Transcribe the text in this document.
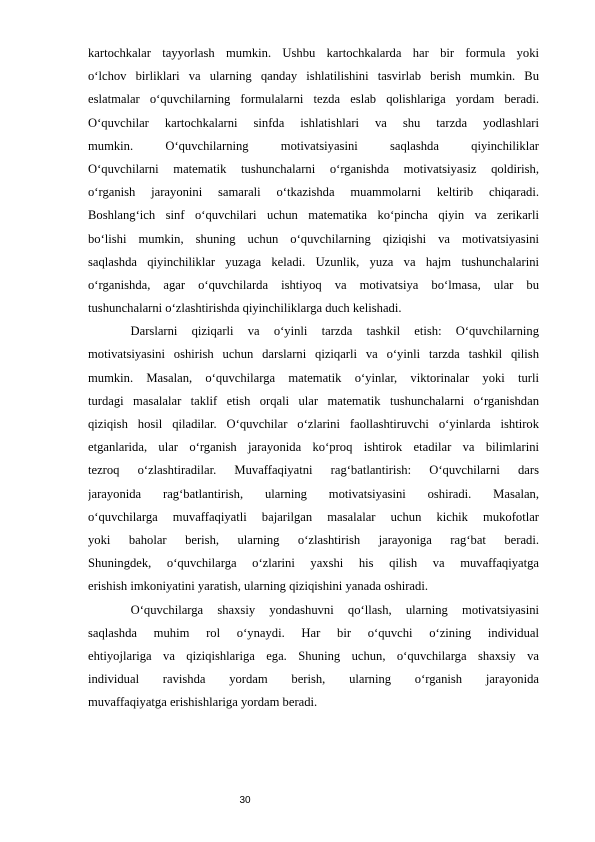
kartochkalar tayyorlash mumkin. Ushbu kartochkalarda har bir formula yoki
o‘lchov birliklari va ularning qanday ishlatilishini tasvirlab berish mumkin. Bu
eslatmalar o‘quvchilarning formulalarni tezda eslab qolishlariga yordam beradi.
O‘quvchilar kartochkalarni sinfda ishlatishlari va shu tarzda yodlashlari
mumkin. O‘quvchilarning motivatsiyasini saqlashda qiyinchiliklar
O‘quvchilarni matematik tushunchalarni o‘rganishda motivatsiyasiz qoldirish,
o‘rganish jarayonini samarali o‘tkazishda muammolarni keltirib chiqaradi.
Boshlang‘ich sinf o‘quvchilari uchun matematika ko‘pincha qiyin va zerikarli
bo‘lishi mumkin, shuning uchun o‘quvchilarning qiziqishi va motivatsiyasini
saqlashda qiyinchiliklar yuzaga keladi. Uzunlik, yuza va hajm tushunchalarini
o‘rganishda, agar o‘quvchilarda ishtiyoq va motivatsiya bo‘lmasa, ular bu
tushunchalarni o‘zlashtirishda qiyinchiliklarga duch kelishadi.
Darslarni qiziqarli va o‘yinli tarzda tashkil etish: O‘quvchilarning
motivatsiyasini oshirish uchun darslarni qiziqarli va o‘yinli tarzda tashkil qilish
mumkin. Masalan, o‘quvchilarga matematik o‘yinlar, viktorinalar yoki turli
turdagi masalalar taklif etish orqali ular matematik tushunchalarni o‘rganishdan
qiziqish hosil qiladilar. O‘quvchilar o‘zlarini faollashtiruvchi o‘yinlarda ishtirok
etganlarida, ular o‘rganish jarayonida ko‘proq ishtirok etadilar va bilimlarini
tezroq o‘zlashtiradilar. Muvaffaqiyatni rag‘batlantirish: O‘quvchilarni dars
jarayonida rag‘batlantirish, ularning motivatsiyasini oshiradi. Masalan,
o‘quvchilarga muvaffaqiyatli bajarilgan masalalar uchun kichik mukofotlar
yoki baholar berish, ularning o‘zlashtirish jarayoniga rag‘bat beradi.
Shuningdek, o‘quvchilarga o‘zlarini yaxshi his qilish va muvaffaqiyatga
erishish imkoniyatini yaratish, ularning qiziqishini yanada oshiradi.
O‘quvchilarga shaxsiy yondashuvni qo‘llash, ularning motivatsiyasini
saqlashda muhim rol o‘ynaydi. Har bir o‘quvchi o‘zining individual
ehtiyojlariga va qiziqishlariga ega. Shuning uchun, o‘quvchilarga shaxsiy va
individual ravishda yordam berish, ularning o‘rganish jarayonida
muvaffaqiyatga erishishlariga yordam beradi.
30
